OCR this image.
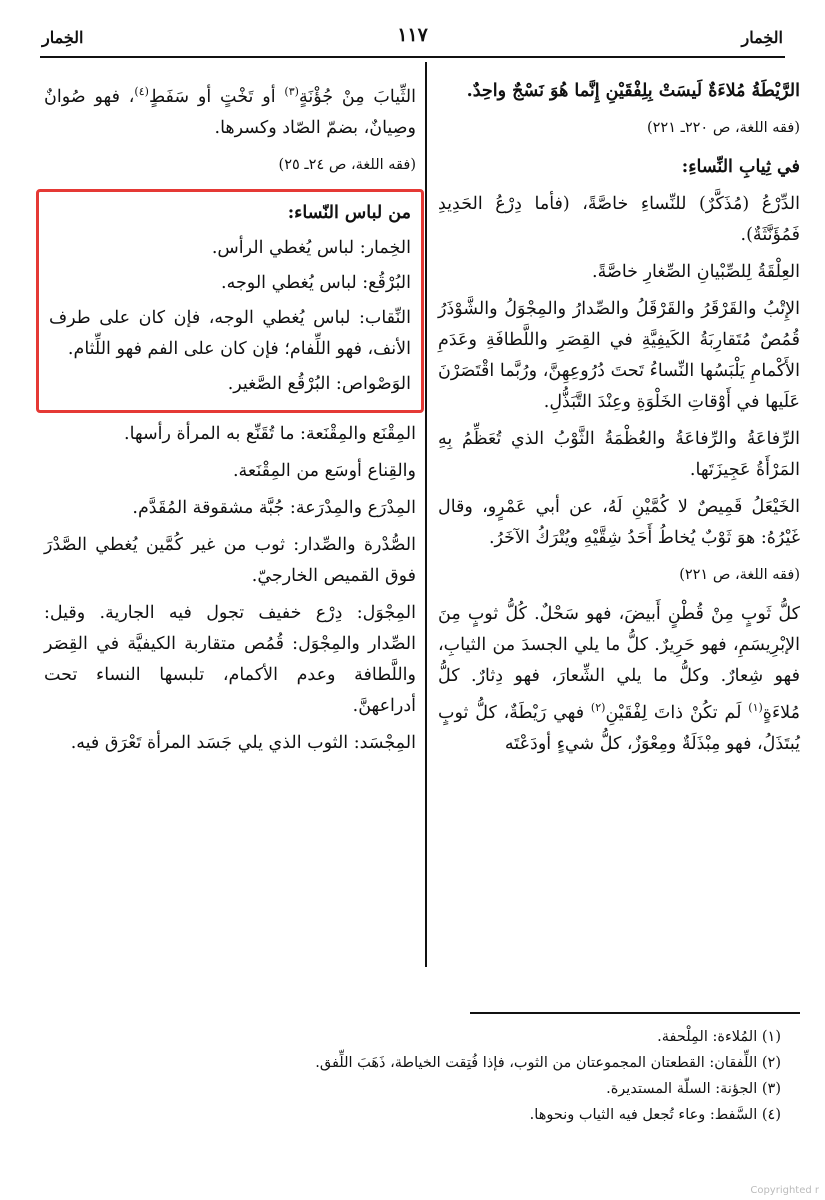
الخِمار
١١٧
الخِمار

الرَّيْطَةُ مُلاءَةٌ لَيسَتْ بِلِفْقَيْنِ إِنَّما هُوَ نَسْجٌ واحِدٌ.

(فقه اللغة، ص ٢٢٠ـ ٢٢١)

في ثِيابِ النِّساءِ:

الدِّرْعُ (مُذَكَّرٌ) للنِّساءِ خاصَّةً، (فأما دِرْعُ الحَدِيدِ فَمُؤَنَّثَةٌ).

العِلْقَةُ لِلصِّبْيانِ الصِّغارِ خاصَّةً.

الإِتْبُ والقَرْقَرُ والقَرْقَلُ والصِّدارُ والمِجْوَلُ والشَّوْذَرُ قُمُصٌ مُتَقارِبَةُ الكَيفِيَّةِ في القِصَرِ واللَّطافَةِ وعَدَمِ الأَكْمامِ يَلْبَسُها النِّساءُ تَحتَ دُرُوعِهِنَّ، ورُبَّما اقْتَصَرْنَ عَلَيها في أَوْقاتِ الخَلْوَةِ وعِنْدَ التَّبَذُّلِ.

الرِّفاعَةُ والرِّفاعَةُ والعُظْمَةُ الثَّوْبُ الذي تُعَظِّمُ بِهِ المَرْأَةُ عَجِيزَتَها.

الخَيْعَلُ قَمِيصٌ لا كُمَّيْنِ لَهُ، عن أبي عَمْرٍو، وقال غَيْرُهُ: هوَ ثَوْبٌ يُخاطُ أَحَدُ شِقَّيْهِ ويُتْرَكُ الآخَرُ.

(فقه اللغة، ص ٢٢١)

كلُّ ثَوبٍ مِنْ قُطْنٍ أَبيضَ، فهو سَحْلٌ. كُلُّ ثوبٍ مِنَ الإبْرِيسَمِ، فهو حَرِيرٌ. كلُّ ما يلي الجسدَ من الثيابِ، فهو شِعارٌ. وكلُّ ما يلي الشِّعارَ، فهو دِثارٌ. كلُّ مُلاءَةٍ$^{(١)}$ لَم تكُنْ ذاتَ لِفْقَيْنِ$^{(٢)}$ فهي رَيْطَةٌ، كلُّ ثوبٍ يُبتَذَلُ، فهو مِبْذَلَةٌ ومِعْوَزٌ، كلُّ شيءٍ أودَعْتَه

الثِّيابَ مِنْ جُؤْنَةٍ$^{(٣)}$ أو تَخْتٍ أو سَفَطٍ$^{(٤)}$، فهو صُوانٌ وصِيانٌ، بضمّ الصّاد وكسرها.

(فقه اللغة، ص ٢٤ـ ٢٥)

من لباس النّساء:

الخِمار: لباس يُغطي الرأس.

البُرْقُع: لباس يُغطي الوجه.

النِّقاب: لباس يُغطي الوجه، فإن كان على طرف الأنف، فهو اللِّفام؛ فإن كان على الفم فهو اللِّثام.

الوَصْواص: البُرْقُع الصَّغير.

المِقْنَع والمِقْنَعة: ما تُقَنِّع به المرأة رأسها.

والقِناع أوسَع من المِقْنَعة.

المِدْرَع والمِدْرَعة: جُبَّة مشقوقة المُقَدَّم.

الصُّدْرة والصِّدار: ثوب من غير كُمَّين يُغطي الصَّدْرَ فوق القميص الخارجيّ.

المِجْوَل: دِرْع خفيف تجول فيه الجارية. وقيل: الصِّدار والمِجْوَل: قُمُص متقاربة الكيفيَّة في القِصَر واللَّطافة وعدم الأكمام، تلبسها النساء تحت أدراعهنَّ.

المِجْسَد: الثوب الذي يلي جَسَد المرأة تَعْرَق فيه.

(١) المُلاءة: المِلْحفة.
(٢) اللِّفقان: القطعتان المجموعتان من الثوب، فإذا فُتِقت الخياطة، ذَهَبَ اللِّفق.
(٣) الجؤنة: السلّة المستديرة.
(٤) السَّفط: وعاء تُجعل فيه الثياب ونحوها.
Copyrighted r
